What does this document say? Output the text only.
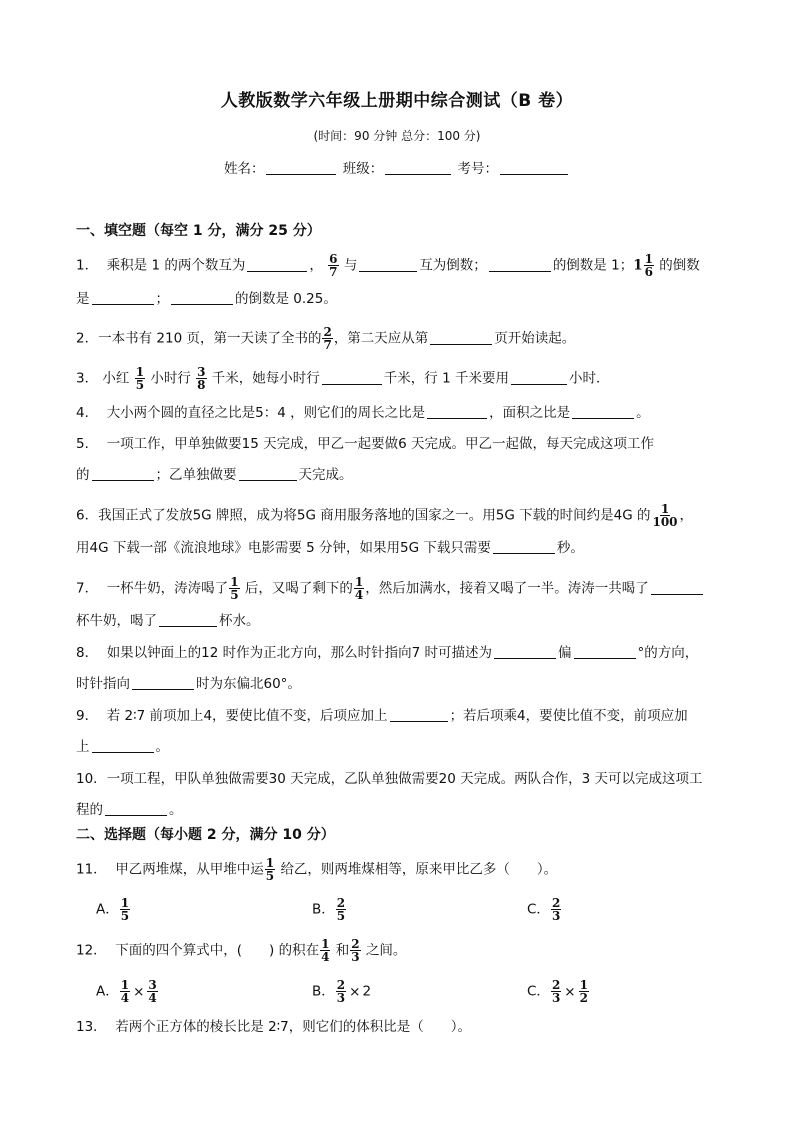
人教版数学六年级上册期中综合测试（B 卷）
(时间：90 分钟 总分：100 分)
姓名：	班级：	考号：
一、填空题（每空 1 分，满分 25 分）
1． 乘积是 1 的两个数互为	， $\frac{6}{7}$ 与	互为倒数；	的倒数是 1；$1 \frac{1}{6}$ 的倒数
是	；	的倒数是 0.25。
2．一本书有 210 页，第一天读了全书的 $\frac{2}{7}$ ，第二天应从第	页开始读起。
3． 小红 $\frac{1}{5}$ 小时行 $\frac{3}{8}$ 千米，她每小时行	千米，行 1 千米要用	小时．
4． 大小两个圆的直径之比是5：4 ，则它们的周长之比是	，面积之比是	。
5． 一项工作，甲单独做要15 天完成，甲乙一起要做6 天完成。甲乙一起做，每天完成这项工作
的	；乙单独做要	天完成。
6．我国正式了发放5G 牌照，成为将5G 商用服务落地的国家之一。用5G 下载的时间约是4G 的 $\frac{1}{100}$ ，
用4G 下载一部《流浪地球》电影需要 5 分钟，如果用5G 下载只需要	秒。
7． 一杯牛奶，涛涛喝了 $\frac{1}{5}$ 后，又喝了剩下的 $\frac{1}{4}$ ，然后加满水，接着又喝了一半。涛涛一共喝了
杯牛奶，喝了	杯水。
8． 如果以钟面上的12 时作为正北方向，那么时针指向7 时可描述为	偏	°的方向，
时针指向	时为东偏北60°。
9． 若 2∶7 前项加上4，要使比值不变，后项应加上	；若后项乘4，要使比值不变，前项应加
上	。
10．一项工程，甲队单独做需要30 天完成，乙队单独做需要20 天完成。两队合作，3 天可以完成这项工
程的	。
二、选择题（每小题 2 分，满分 10 分）
11． 甲乙两堆煤，从甲堆中运 $\frac{1}{5}$ 给乙，则两堆煤相等，原来甲比乙多（　　）。
A． $\frac{1}{5}$	B． $\frac{2}{5}$	C． $\frac{2}{3}$
12． 下面的四个算式中，(　　) 的积在 $\frac{1}{4}$ 和 $\frac{2}{3}$ 之间。
A． $\frac{1}{4} \times \frac{3}{4}$	B． $\frac{2}{3} \times 2$	C． $\frac{2}{3} \times \frac{1}{2}$
13． 若两个正方体的棱长比是 2∶7，则它们的体积比是（　　）。
